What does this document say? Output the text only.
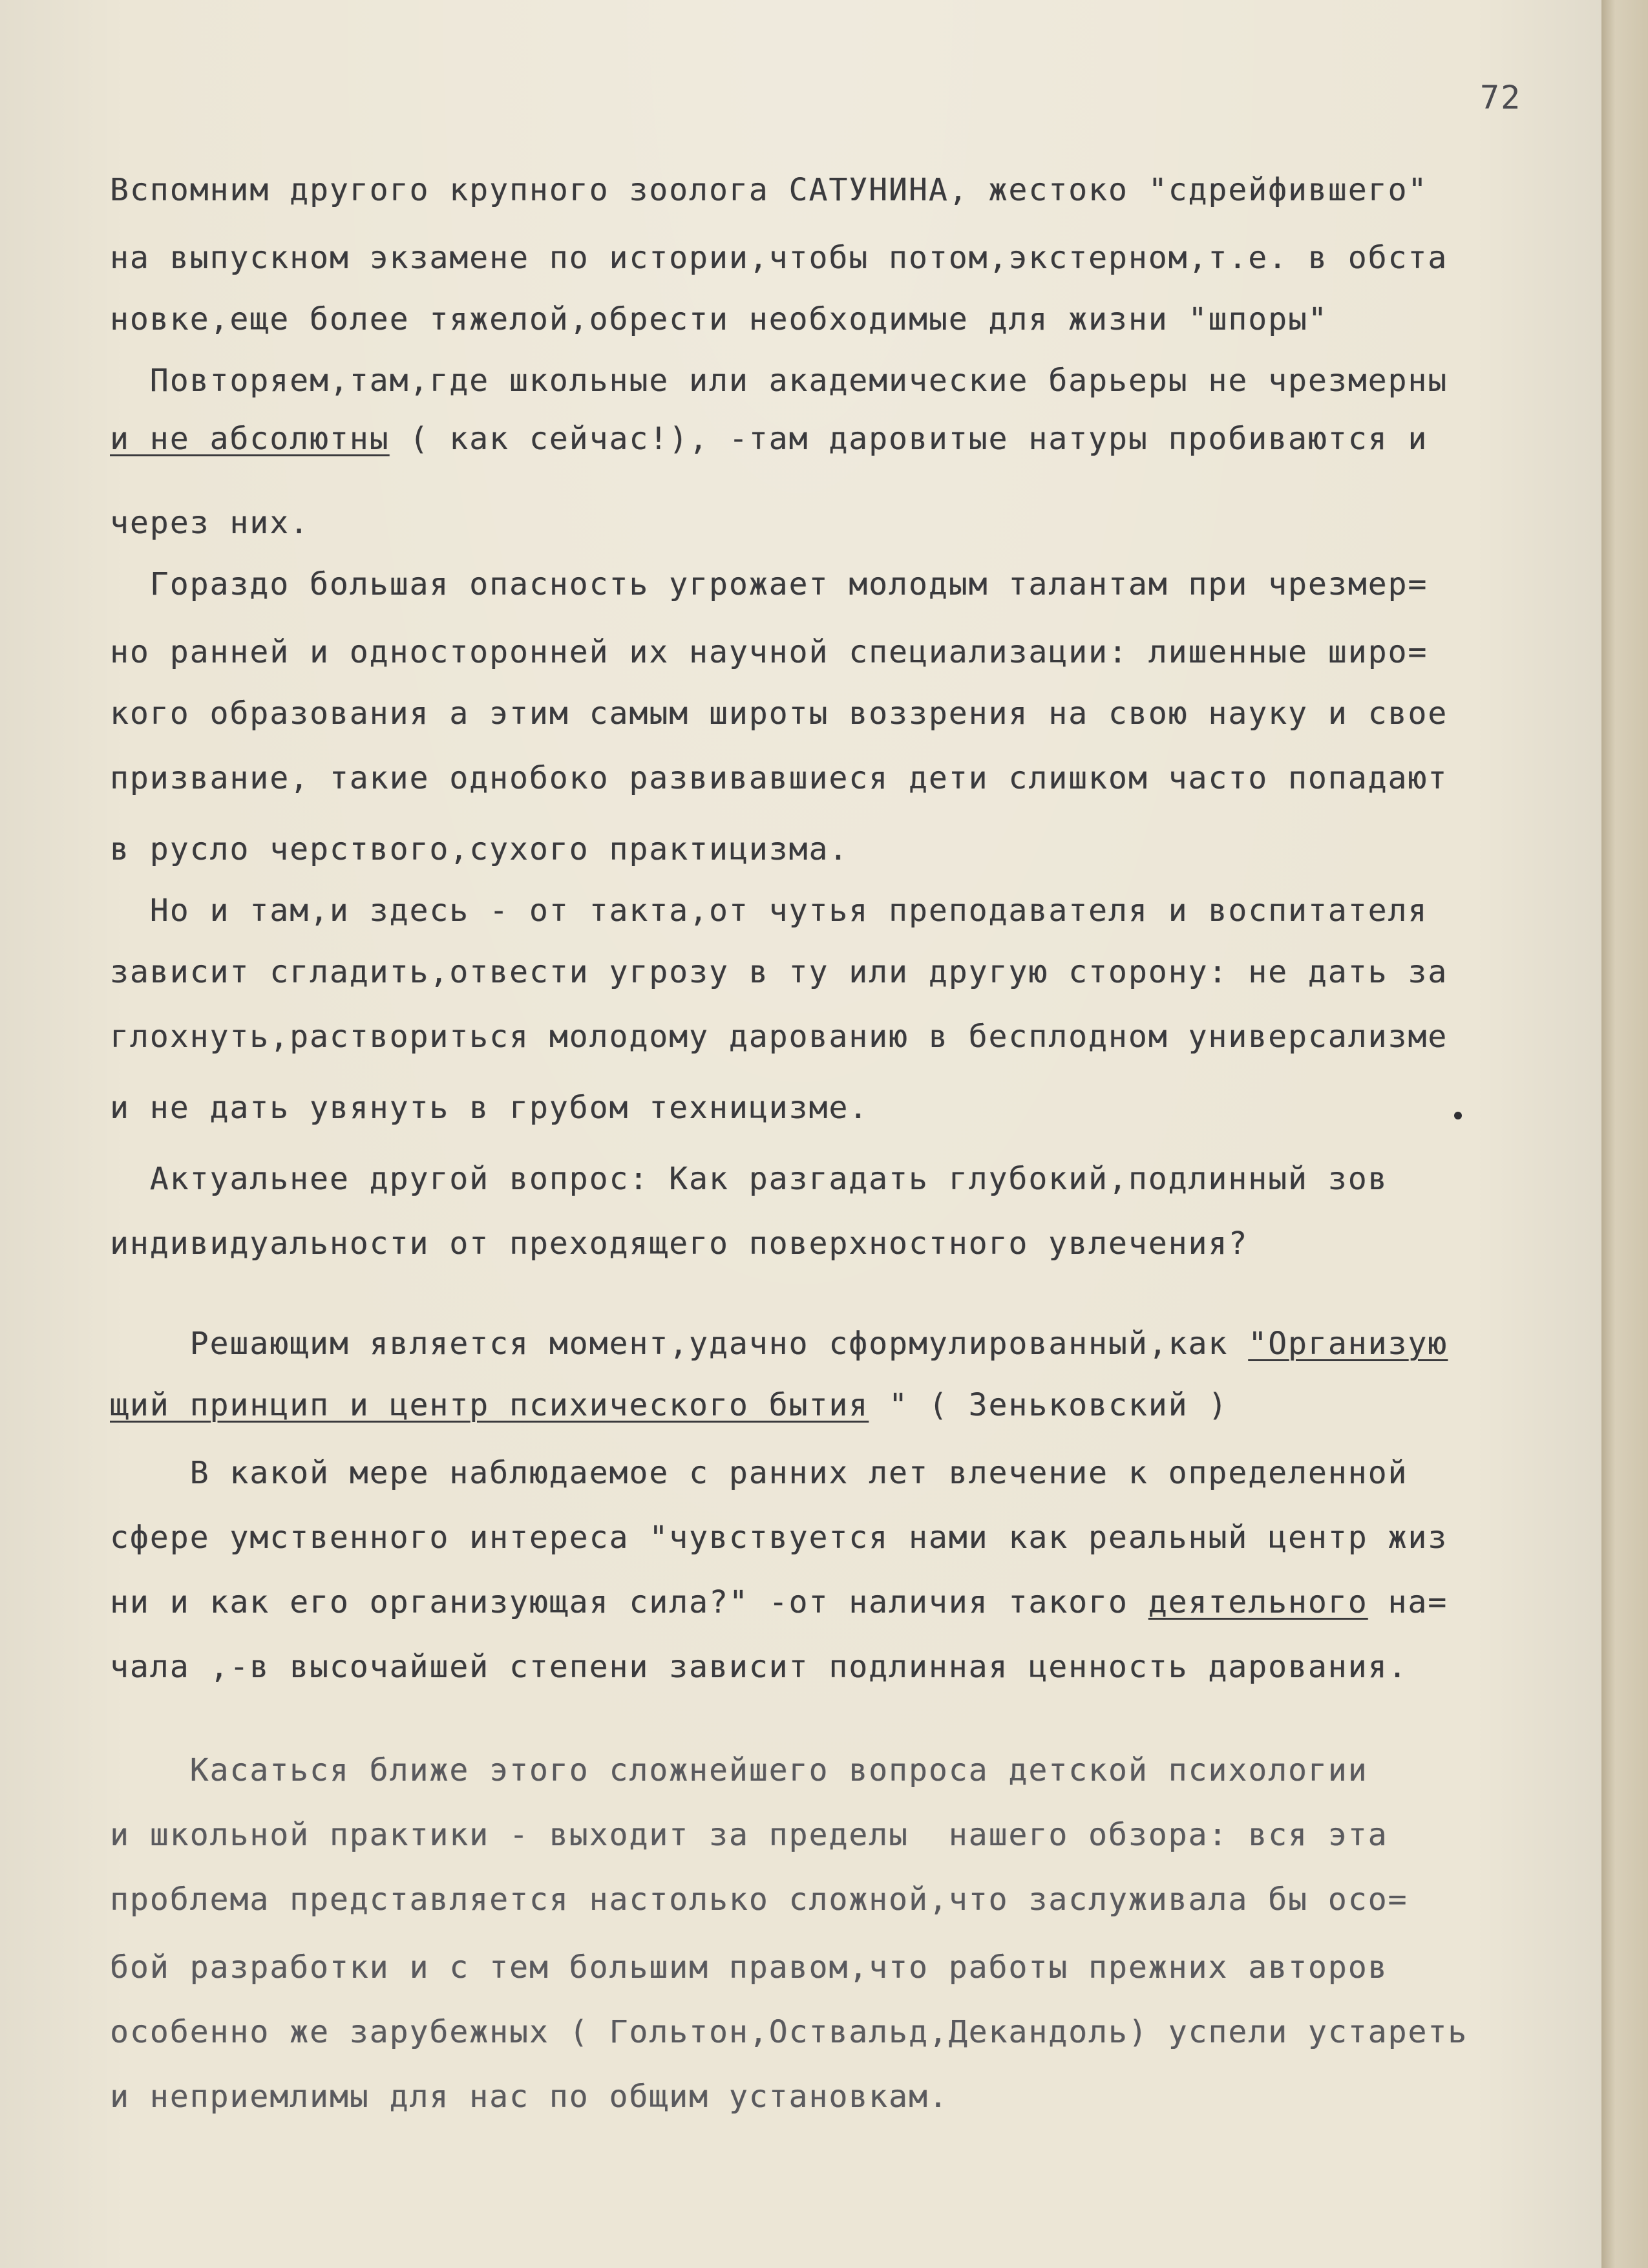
72
Вспомним другого крупного зоолога САТУНИНА, жестоко "сдрейфившего"
на выпускном экзамене по истории,чтобы потом,экстерном,т.е. в обста
новке,еще более тяжелой,обрести необходимые для жизни "шпоры"
Повторяем,там,где школьные или академические барьеры не чрезмерны
и не абсолютны ( как сейчас!), -там даровитые натуры пробиваются и
через них.
Гораздо большая опасность угрожает молодым талантам при чрезмер=
но ранней и односторонней их научной специализации: лишенные широ=
кого образования а этим самым широты воззрения на свою науку и свое
призвание, такие однобоко развивавшиеся дети слишком часто попадают
в русло черствого,сухого практицизма.
Но и там,и здесь - от такта,от чутья преподавателя и воспитателя
зависит сгладить,отвести угрозу в ту или другую сторону: не дать за
глохнуть,раствориться молодому дарованию в бесплодном универсализме
и не дать увянуть в грубом техницизме.
Актуальнее другой вопрос: Как разгадать глубокий,подлинный зов
индивидуальности от преходящего поверхностного увлечения?
Решающим является момент,удачно сформулированный,как "Организую
щий принцип и центр психического бытия " ( Зеньковский )
В какой мере наблюдаемое с ранних лет влечение к определенной
сфере умственного интереса "чувствуется нами как реальный центр жиз
ни и как его организующая сила?" -от наличия такого деятельного на=
чала ,-в высочайшей степени зависит подлинная ценность дарования.
Касаться ближе этого сложнейшего вопроса детской психологии
и школьной практики - выходит за пределы  нашего обзора: вся эта
проблема представляется настолько сложной,что заслуживала бы осо=
бой разработки и с тем большим правом,что работы прежних авторов
особенно же зарубежных ( Гольтон,Оствальд,Декандоль) успели устареть
и неприемлимы для нас по общим установкам.
